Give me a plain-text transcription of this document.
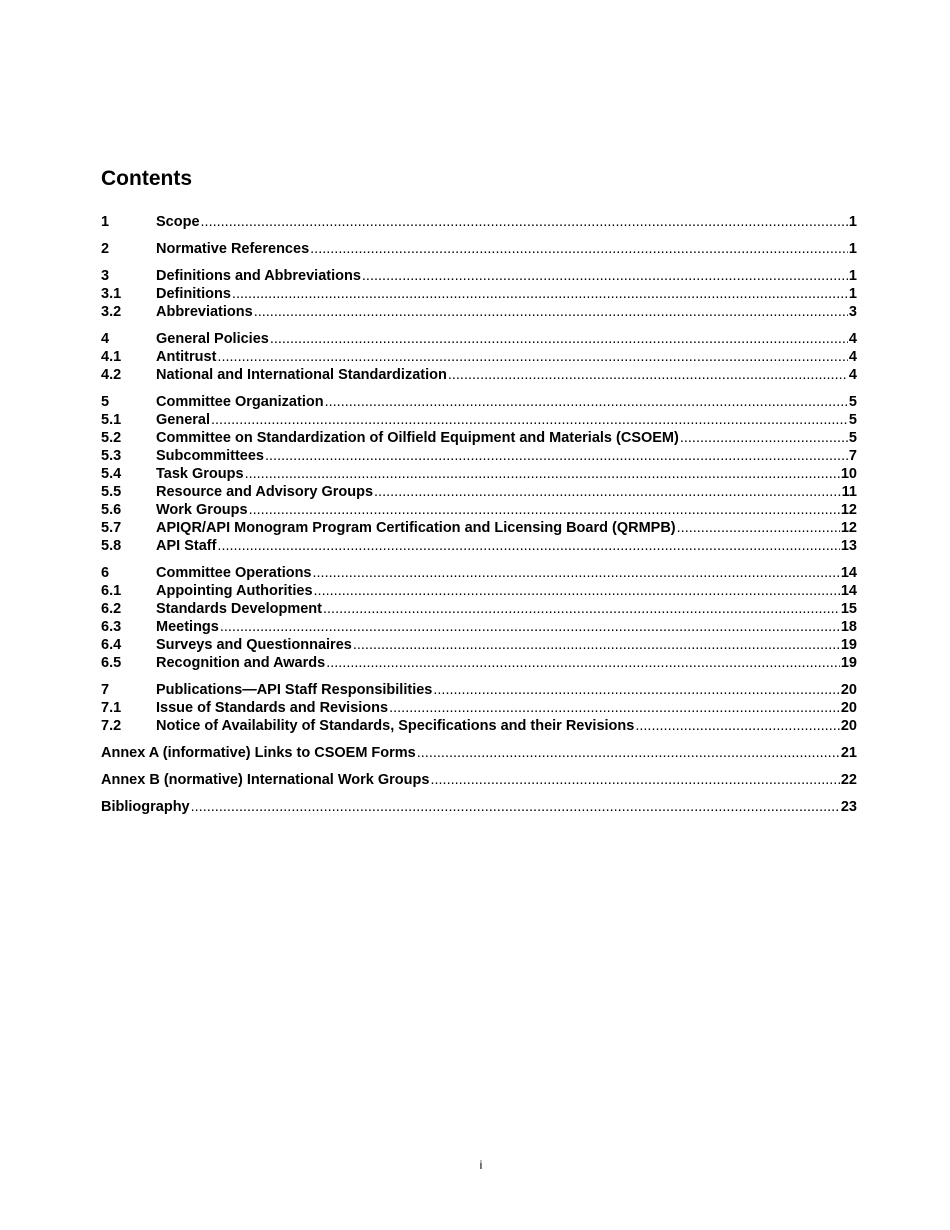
Contents
1	Scope .....	1
2	Normative References .....	1
3	Definitions and Abbreviations .....	1
3.1	Definitions .....	1
3.2	Abbreviations .....	3
4	General Policies .....	4
4.1	Antitrust .....	4
4.2	National and International Standardization .....	4
5	Committee Organization .....	5
5.1	General .....	5
5.2	Committee on Standardization of Oilfield Equipment and Materials (CSOEM) .....	5
5.3	Subcommittees .....	7
5.4	Task Groups .....	10
5.5	Resource and Advisory Groups .....	11
5.6	Work Groups .....	12
5.7	APIQR/API Monogram Program Certification and Licensing Board (QRMPB) .....	12
5.8	API Staff .....	13
6	Committee Operations .....	14
6.1	Appointing Authorities .....	14
6.2	Standards Development .....	15
6.3	Meetings .....	18
6.4	Surveys and Questionnaires .....	19
6.5	Recognition and Awards .....	19
7	Publications—API Staff Responsibilities .....	20
7.1	Issue of Standards and Revisions .....	20
7.2	Notice of Availability of Standards, Specifications and their Revisions .....	20
Annex A (informative) Links to CSOEM Forms .....	21
Annex B (normative) International Work Groups .....	22
Bibliography .....	23
i
